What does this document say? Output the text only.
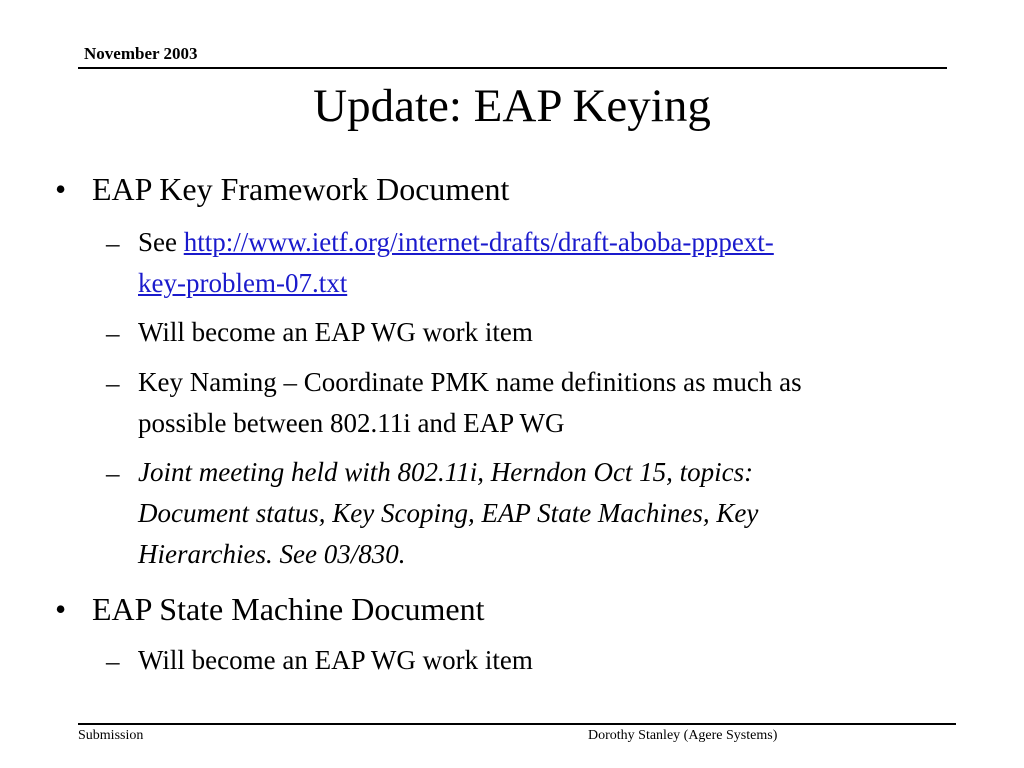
November 2003
Update: EAP Keying
• EAP Key Framework Document
– See http://www.ietf.org/internet-drafts/draft-aboba-pppext-
key-problem-07.txt
– Will become an EAP WG work item
– Key Naming – Coordinate PMK name definitions as much as
possible between 802.11i and EAP WG
– Joint meeting held with 802.11i, Herndon Oct 15, topics:
Document status, Key Scoping, EAP State Machines, Key
Hierarchies. See 03/830.
• EAP State Machine Document
– Will become an EAP WG work item
Submission	Dorothy Stanley (Agere Systems)
